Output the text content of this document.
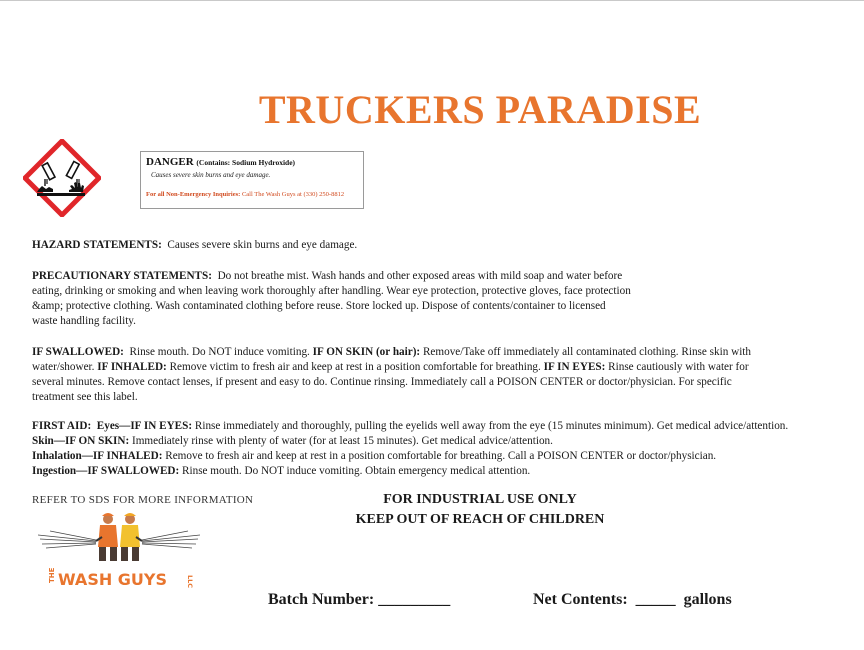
TRUCKERS PARADISE
DANGER (Contains: Sodium Hydroxide)
Causes severe skin burns and eye damage.
For all Non-Emergency Inquiries: Call The Wash Guys at (330) 250-8812

HAZARD STATEMENTS: Causes severe skin burns and eye damage.

PRECAUTIONARY STATEMENTS: Do not breathe mist. Wash hands and other exposed areas with mild soap and water before eating, drinking or smoking and when leaving work thoroughly after handling. Wear eye protection, protective gloves, face protection &amp; protective clothing. Wash contaminated clothing before reuse. Store locked up. Dispose of contents/container to licensed waste handling facility.

IF SWALLOWED: Rinse mouth. Do NOT induce vomiting. IF ON SKIN (or hair): Remove/Take off immediately all contaminated clothing. Rinse skin with water/shower. IF INHALED: Remove victim to fresh air and keep at rest in a position comfortable for breathing. IF IN EYES: Rinse cautiously with water for several minutes. Remove contact lenses, if present and easy to do. Continue rinsing. Immediately call a POISON CENTER or doctor/physician. For specific treatment see this label.

FIRST AID: Eyes—IF IN EYES: Rinse immediately and thoroughly, pulling the eyelids well away from the eye (15 minutes minimum). Get medical advice/attention. Skin—IF ON SKIN: Immediately rinse with plenty of water (for at least 15 minutes). Get medical advice/attention.

Inhalation—IF INHALED: Remove to fresh air and keep at rest in a position comfortable for breathing. Call a POISON CENTER or doctor/physician.

Ingestion—IF SWALLOWED: Rinse mouth. Do NOT induce vomiting. Obtain emergency medical attention.

REFER TO SDS FOR MORE INFORMATION	FOR INDUSTRIAL USE ONLY
KEEP OUT OF REACH OF CHILDREN
THE WASH GUYS	LLC
Batch Number: _________	Net Contents: _____ gallons
